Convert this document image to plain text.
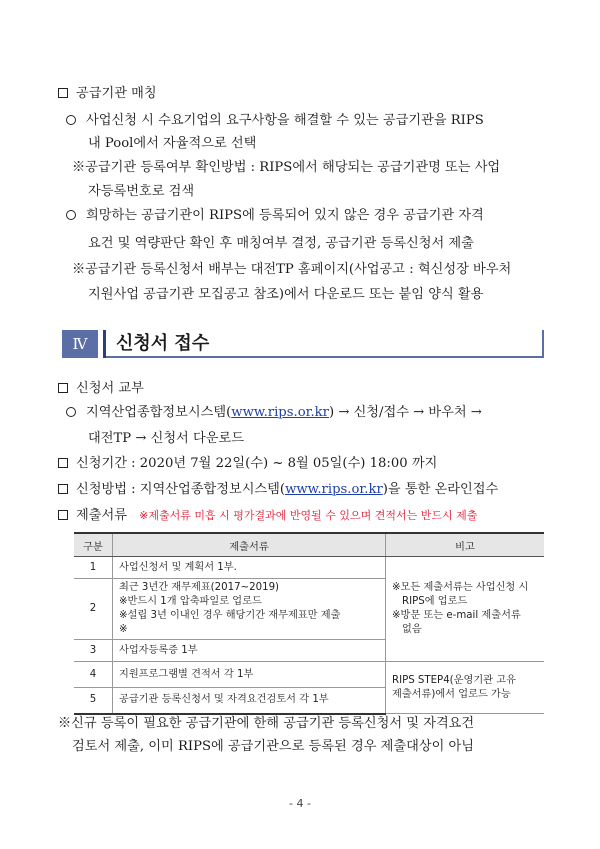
공급기관 매칭
사업신청 시 수요기업의 요구사항을 해결할 수 있는 공급기관을 RIPS
내 Pool에서 자율적으로 선택
※공급기관 등록여부 확인방법 : RIPS에서 해당되는 공급기관명 또는 사업
자등록번호로 검색
희망하는 공급기관이 RIPS에 등록되어 있지 않은 경우 공급기관 자격
요건 및 역량판단 확인 후 매칭여부 결정, 공급기관 등록신청서 제출
※공급기관 등록신청서 배부는 대전TP 홈페이지(사업공고 : 혁신성장 바우처
지원사업 공급기관 모집공고 참조)에서 다운로드 또는 붙임 양식 활용
Ⅳ	신청서 접수
신청서 교부
지역산업종합정보시스템(www.rips.or.kr) → 신청/접수 → 바우처 →
대전TP → 신청서 다운로드
신청기간 : 2020년 7월 22일(수) ~ 8월 05일(수) 18:00 까지
신청방법 : 지역산업종합정보시스템(www.rips.or.kr)을 통한 온라인접수
제출서류 ※제출서류 미흡 시 평가결과에 반영될 수 있으며 견적서는 반드시 제출
구분	제출서류	비고
1	사업신청서 및 계획서 1부.	※모든 제출서류는 사업신청 시
RIPS에 업로드
※방문 또는 e-mail 제출서류
없음

2	최근 3년간 재무제표(2017~2019)
※반드시 1개 압축파일로 업로드
※설립 3년 이내인 경우 해당기간 재무제표만 제출
※	

3	사업자등록증 1부	
4	지원프로그램별 견적서 각 1부	RIPS STEP4(운영기관 고유
제출서류)에서 업로드 가능

5	공급기관 등록신청서 및 자격요건검토서 각 1부	
※신규 등록이 필요한 공급기관에 한해 공급기관 등록신청서 및 자격요건
검토서 제출, 이미 RIPS에 공급기관으로 등록된 경우 제출대상이 아님
- 4 -
